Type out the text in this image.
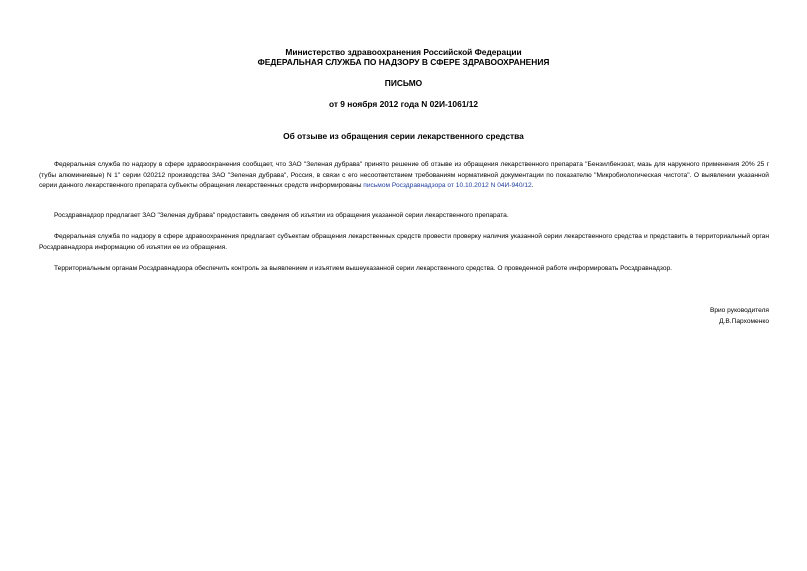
Министерство здравоохранения Российской Федерации
ФЕДЕРАЛЬНАЯ СЛУЖБА ПО НАДЗОРУ В СФЕРЕ ЗДРАВООХРАНЕНИЯ
ПИСЬМО
от 9 ноября 2012 года N 02И-1061/12
Об отзыве из обращения серии лекарственного средства
Федеральная служба по надзору в сфере здравоохранения сообщает, что ЗАО "Зеленая дубрава" принято решение об отзыве из обращения лекарственного препарата "Бензилбензоат, мазь для наружного применения 20% 25 г (тубы алюминиевые) N 1" серии 020212 производства ЗАО "Зеленая дубрава", Россия, в связи с его несоответствием требованиям нормативной документации по показателю "Микробиологическая чистота". О выявлении указанной серии данного лекарственного препарата субъекты обращения лекарственных средств информированы письмом Росздравнадзора от 10.10.2012 N 04И-940/12.
Росздравнадзор предлагает ЗАО "Зеленая дубрава" предоставить сведения об изъятии из обращения указанной серии лекарственного препарата.
Федеральная служба по надзору в сфере здравоохранения предлагает субъектам обращения лекарственных средств провести проверку наличия указанной серии лекарственного средства и представить в территориальный орган Росздравнадзора информацию об изъятии ее из обращения.
Территориальным органам Росздравнадзора обеспечить контроль за выявлением и изъятием вышеуказанной серии лекарственного средства. О проведенной работе информировать Росздравнадзор.
Врио руководителя
Д.В.Пархоменко
